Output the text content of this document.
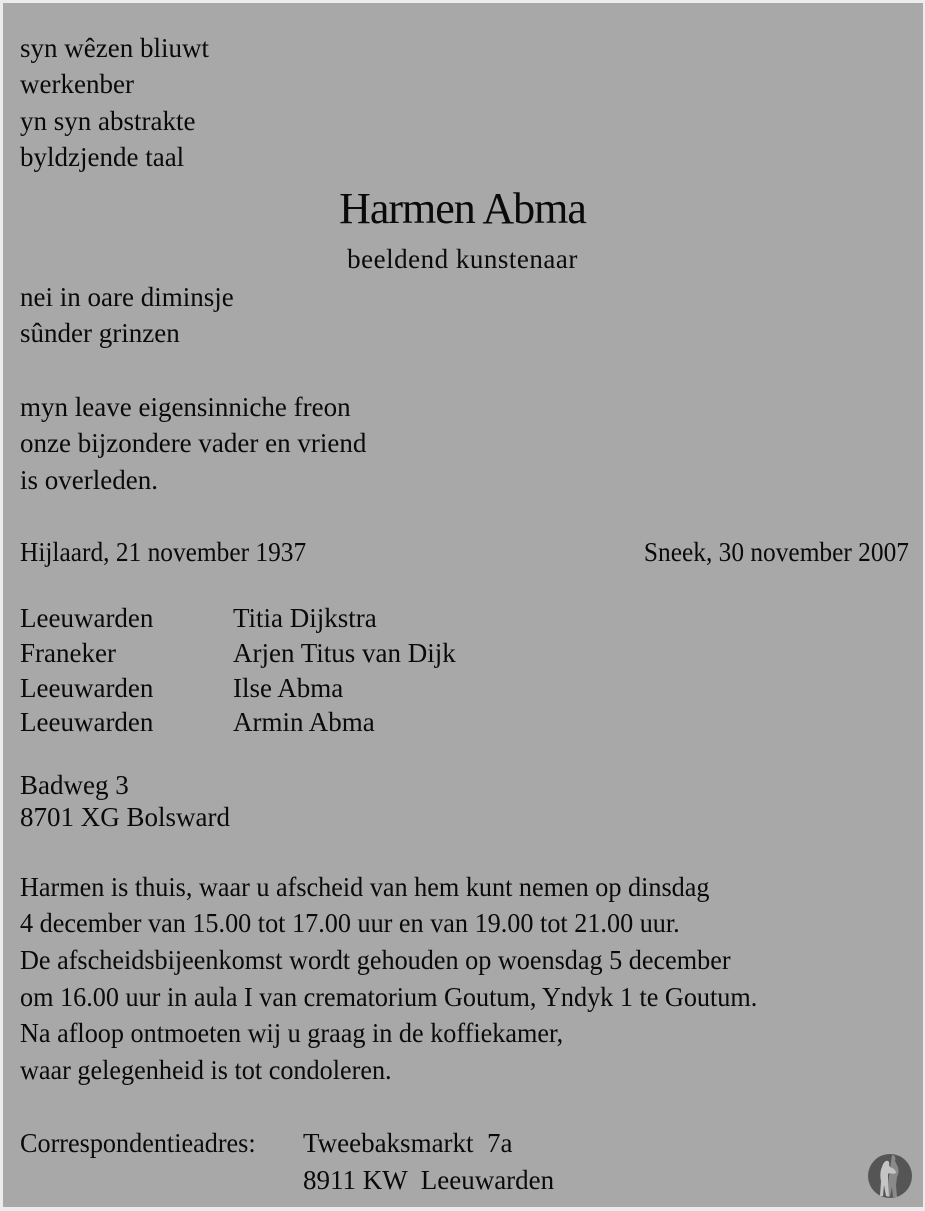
syn wêzen bliuwt
werkenber
yn syn abstrakte
byldzjende taal
Harmen Abma
beeldend kunstenaar
nei in oare diminsje
sûnder grinzen
myn leave eigensinniche freon
onze bijzondere vader en vriend
is overleden.
Hijlaard, 21 november 1937	Sneek, 30 november 2007
Leeuwarden	Titia Dijkstra
Franeker	Arjen Titus van Dijk
Leeuwarden	Ilse Abma
Leeuwarden	Armin Abma
Badweg 3
8701 XG Bolsward
Harmen is thuis, waar u afscheid van hem kunt nemen op dinsdag
4 december van 15.00 tot 17.00 uur en van 19.00 tot 21.00 uur.
De afscheidsbijeenkomst wordt gehouden op woensdag 5 december
om 16.00 uur in aula I van crematorium Goutum, Yndyk 1 te Goutum.
Na afloop ontmoeten wij u graag in de koffiekamer,
waar gelegenheid is tot condoleren.
Correspondentieadres: Tweebaksmarkt  7a
8911 KW  Leeuwarden
